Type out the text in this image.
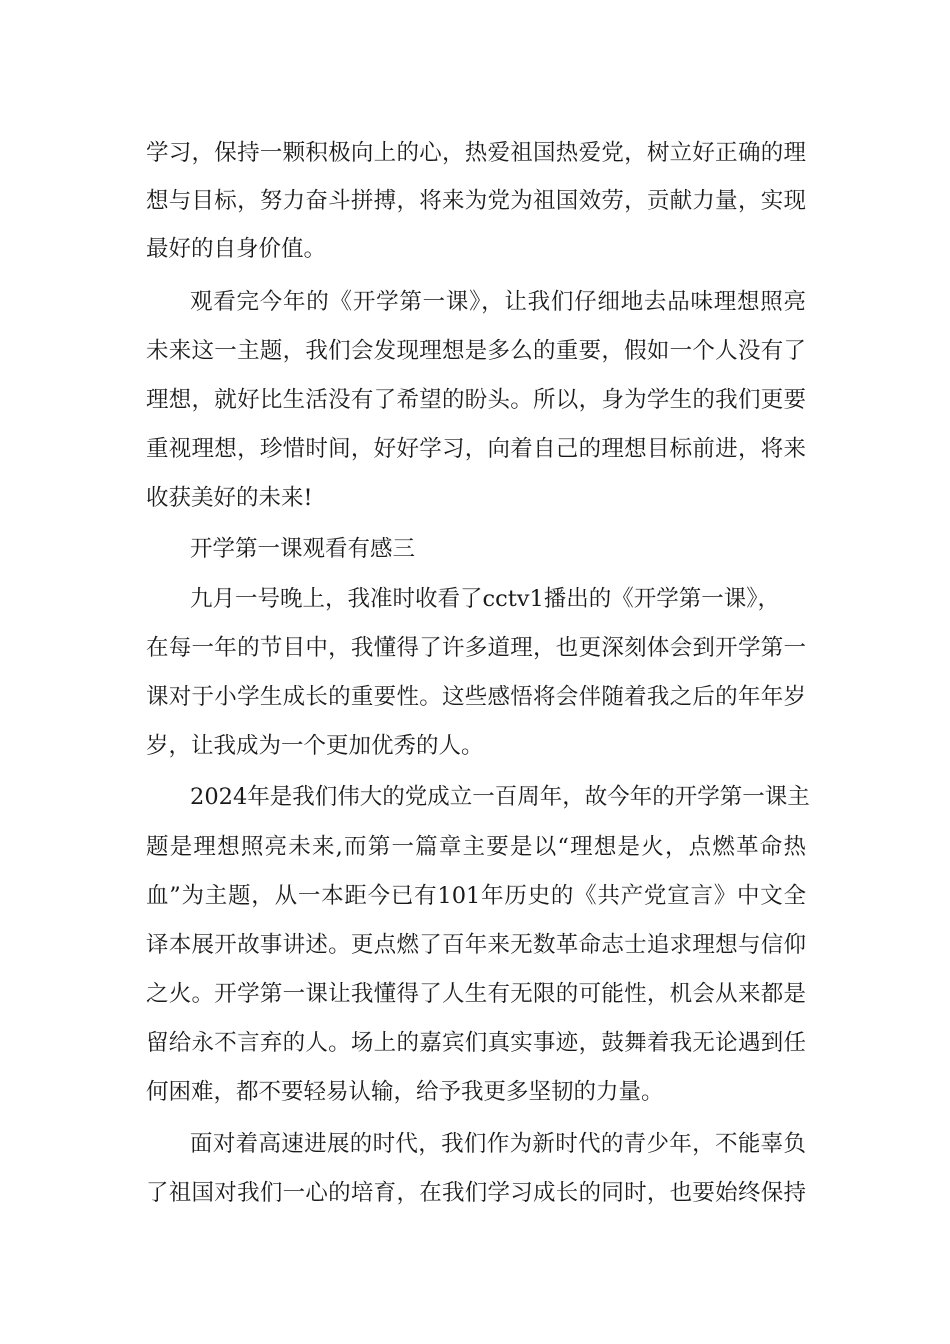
学习，保持一颗积极向上的心，热爱祖国热爱党，树立好正确的理
想与目标，努力奋斗拼搏，将来为党为祖国效劳，贡献力量，实现
最好的自身价值。
观看完今年的《开学第一课》，让我们仔细地去品味理想照亮
未来这一主题，我们会发现理想是多么的重要，假如一个人没有了
理想，就好比生活没有了希望的盼头。所以，身为学生的我们更要
重视理想，珍惜时间，好好学习，向着自己的理想目标前进，将来
收获美好的未来!
开学第一课观看有感三
九月一号晚上，我准时收看了cctv1播出的《开学第一课》，
在每一年的节目中，我懂得了许多道理，也更深刻体会到开学第一
课对于小学生成长的重要性。这些感悟将会伴随着我之后的年年岁
岁，让我成为一个更加优秀的人。
2024年是我们伟大的党成立一百周年，故今年的开学第一课主
题是理想照亮未来,而第一篇章主要是以“理想是火，点燃革命热
血”为主题，从一本距今已有101年历史的《共产党宣言》中文全
译本展开故事讲述。更点燃了百年来无数革命志士追求理想与信仰
之火。开学第一课让我懂得了人生有无限的可能性，机会从来都是
留给永不言弃的人。场上的嘉宾们真实事迹，鼓舞着我无论遇到任
何困难，都不要轻易认输，给予我更多坚韧的力量。
面对着高速进展的时代，我们作为新时代的青少年，不能辜负
了祖国对我们一心的培育，在我们学习成长的同时，也要始终保持
